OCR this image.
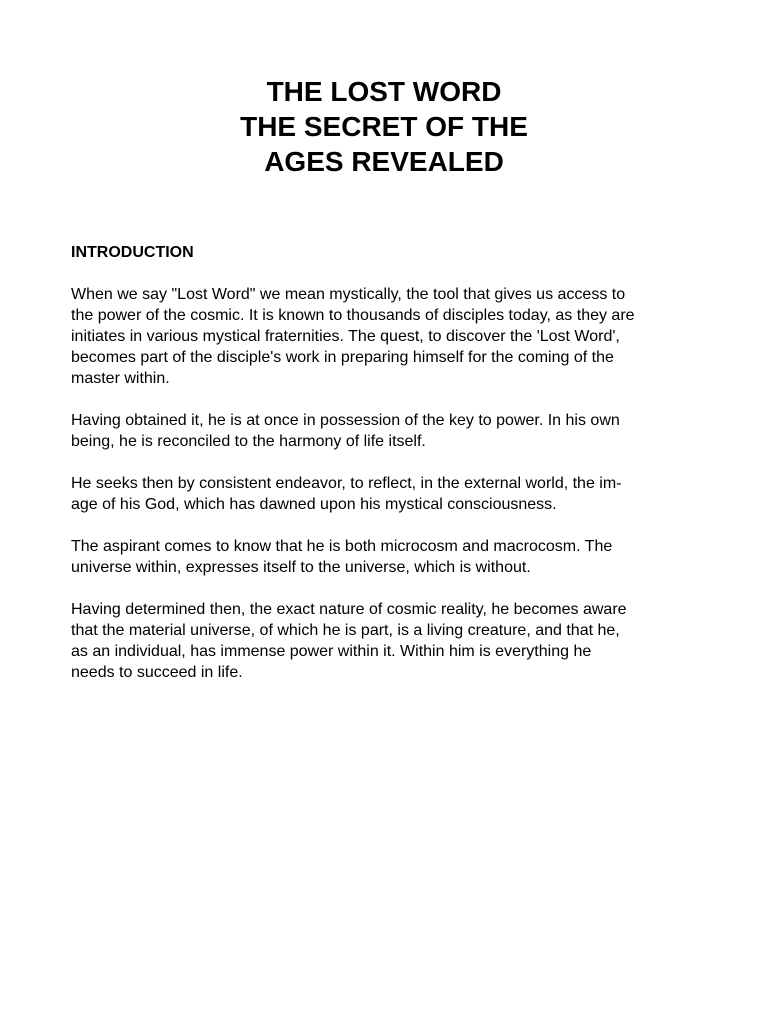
THE LOST WORD
THE SECRET OF THE
AGES REVEALED
INTRODUCTION
When we say "Lost Word" we mean mystically, the tool that gives us access to
the power of the cosmic. It is known to thousands of disciples today, as they are
initiates in various mystical fraternities. The quest, to discover the 'Lost Word',
becomes part of the disciple's work in preparing himself for the coming of the
master within.
Having obtained it, he is at once in possession of the key to power. In his own
being, he is reconciled to the harmony of life itself.
He seeks then by consistent endeavor, to reflect, in the external world, the im-
age of his God, which has dawned upon his mystical consciousness.
The aspirant comes to know that he is both microcosm and macrocosm. The
universe within, expresses itself to the universe, which is without.
Having determined then, the exact nature of cosmic reality, he becomes aware
that the material universe, of which he is part, is a living creature, and that he,
as an individual, has immense power within it. Within him is everything he
needs to succeed in life.
